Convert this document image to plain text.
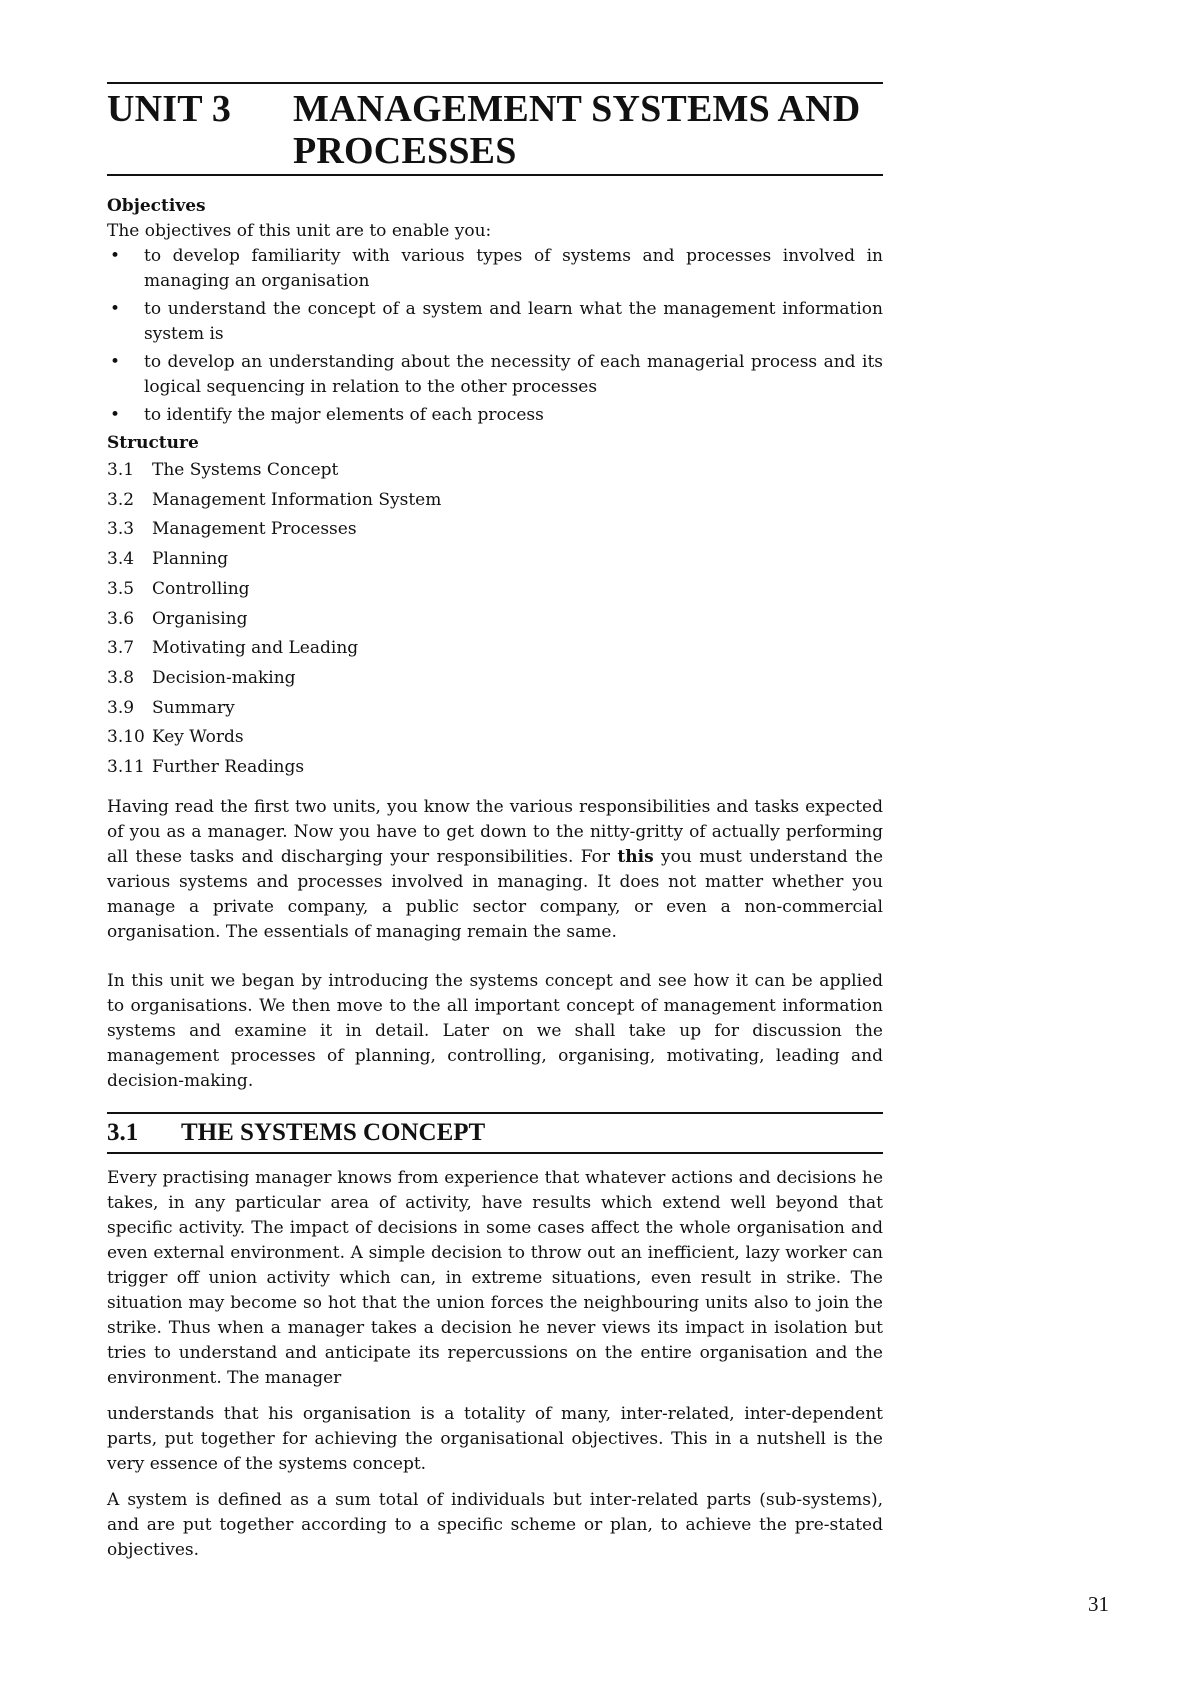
UNIT 3	MANAGEMENT SYSTEMS AND PROCESSES
Objectives
The objectives of this unit are to enable you:
• to develop familiarity with various types of systems and processes involved in managing an organisation
• to understand the concept of a system and learn what the management information system is
• to develop an understanding about the necessity of each managerial process and its logical sequencing in relation to the other processes
• to identify the major elements of each process
Structure
3.1	The Systems Concept
3.2	Management Information System
3.3	Management Processes
3.4	Planning
3.5	Controlling
3.6	Organising
3.7	Motivating and Leading
3.8	Decision-making
3.9	Summary
3.10 Key Words
3.11 Further Readings

Having read the first two units, you know the various responsibilities and tasks expected of you as a manager. Now you have to get down to the nitty-gritty of actually performing all these tasks and discharging your responsibilities. For this you must understand the various systems and processes involved in managing. It does not matter whether you manage a private company, a public sector company, or even a non-commercial organisation. The essentials of managing remain the same.

In this unit we began by introducing the systems concept and see how it can be applied to organisations. We then move to the all important concept of management information systems and examine it in detail. Later on we shall take up for discussion the management processes of planning, controlling, organising, motivating, leading and decision-making.

3.1	THE SYSTEMS CONCEPT

Every practising manager knows from experience that whatever actions and decisions he takes, in any particular area of activity, have results which extend well beyond that specific activity. The impact of decisions in some cases affect the whole organisation and even external environment. A simple decision to throw out an inefficient, lazy worker can trigger off union activity which can, in extreme situations, even result in strike. The situation may become so hot that the union forces the neighbouring units also to join the strike. Thus when a manager takes a decision he never views its impact in isolation but tries to understand and anticipate its repercussions on the entire organisation and the environment. The manager

understands that his organisation is a totality of many, inter-related, inter-dependent parts, put together for achieving the organisational objectives. This in a nutshell is the very essence of the systems concept.

A system is defined as a sum total of individuals but inter-related parts (sub-systems), and are put together according to a specific scheme or plan, to achieve the pre-stated objectives.

31
